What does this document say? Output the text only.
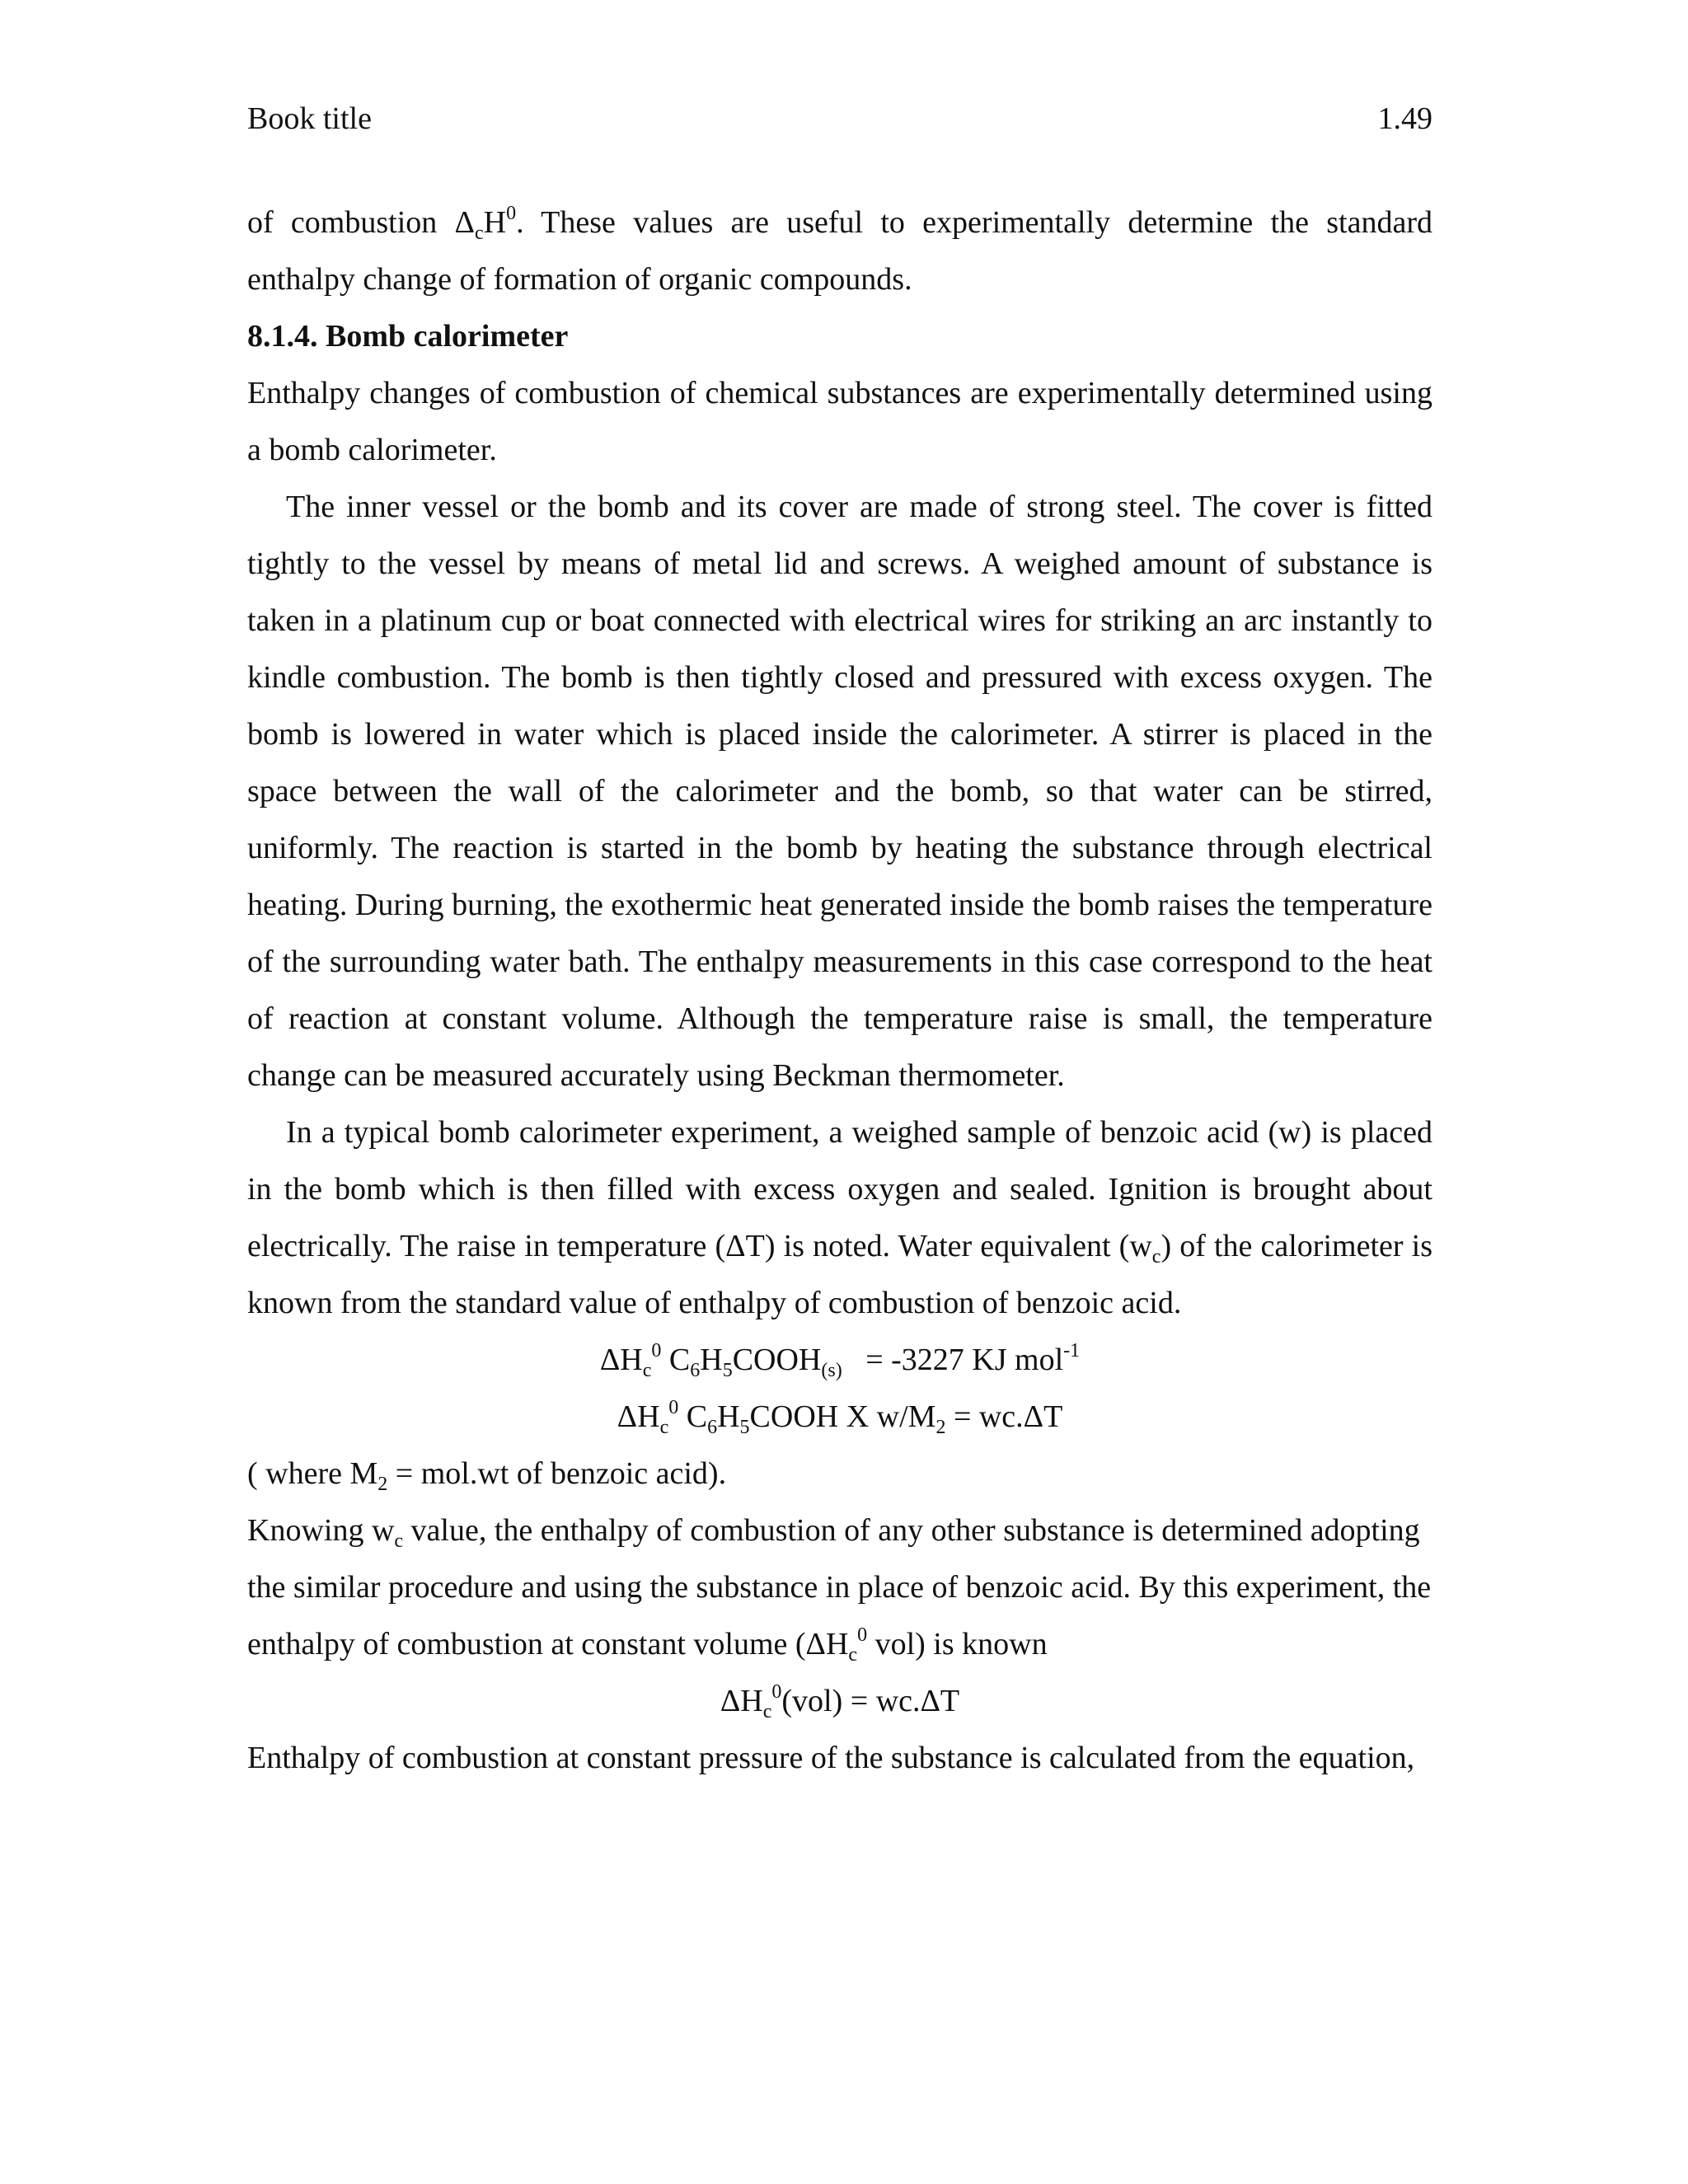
Book title	1.49

of combustion $\Delta_cH^0$. These values are useful to experimentally determine the standard enthalpy change of formation of organic compounds.

8.1.4. Bomb calorimeter

Enthalpy changes of combustion of chemical substances are experimentally determined using a bomb calorimeter.

The inner vessel or the bomb and its cover are made of strong steel. The cover is fitted tightly to the vessel by means of metal lid and screws. A weighed amount of substance is taken in a platinum cup or boat connected with electrical wires for striking an arc instantly to kindle combustion. The bomb is then tightly closed and pressured with excess oxygen. The bomb is lowered in water which is placed inside the calorimeter. A stirrer is placed in the space between the wall of the calorimeter and the bomb, so that water can be stirred, uniformly. The reaction is started in the bomb by heating the substance through electrical heating. During burning, the exothermic heat generated inside the bomb raises the temperature of the surrounding water bath. The enthalpy measurements in this case correspond to the heat of reaction at constant volume. Although the temperature raise is small, the temperature change can be measured accurately using Beckman thermometer.

In a typical bomb calorimeter experiment, a weighed sample of benzoic acid (w) is placed in the bomb which is then filled with excess oxygen and sealed. Ignition is brought about electrically. The raise in temperature (ΔT) is noted. Water equivalent $(w_c)$ of the calorimeter is known from the standard value of enthalpy of combustion of benzoic acid.

$\Delta H_c^0$ $C_6H_5COOH_{(s)} = -3227$ KJ mol$^{-1}$

$\Delta H_c^0$ $C_6H_5COOH$ X $w/M_2 = wc.\Delta T$

( where $M_2 = mol.wt$ of benzoic acid).

Knowing $w_c$ value, the enthalpy of combustion of any other substance is determined adopting the similar procedure and using the substance in place of benzoic acid. By this experiment, the enthalpy of combustion at constant volume ($\Delta H_c^0$ vol) is known

$\Delta H_c^0(vol) = wc.\Delta T$

Enthalpy of combustion at constant pressure of the substance is calculated from the equation,
